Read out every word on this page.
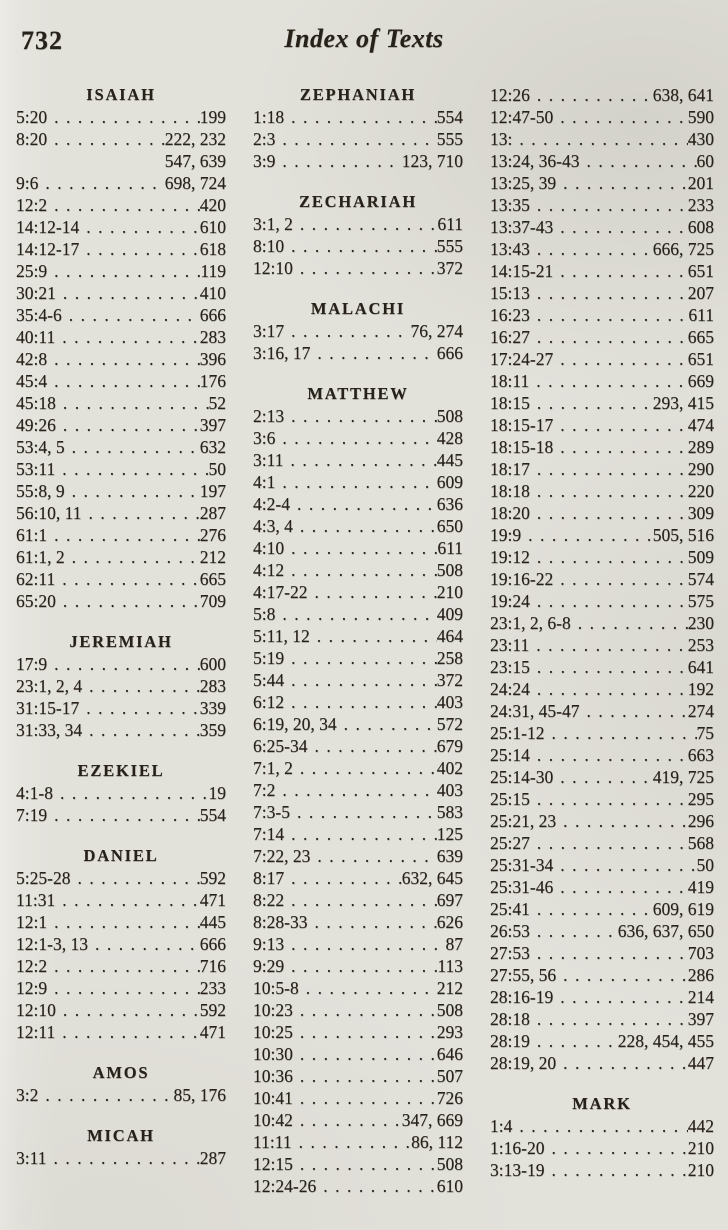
Index of Texts
732
ISAIAH
5:20 .....	199
8:20 .....	222, 232
547, 639
9:6 .....	698, 724
12:2 .....	420
14:12-14 .....	610
14:12-17 .....	618
25:9 .....	119
30:21 .....	410
35:4-6 .....	666
40:11 .....	283
42:8 .....	396
45:4 .....	176
45:18 .....	52
49:26 .....	397
53:4, 5 .....	632
53:11 .....	50
55:8, 9 .....	197
56:10, 11 .....	287
61:1 .....	276
61:1, 2 .....	212
62:11 .....	665
65:20 .....	709
JEREMIAH
17:9 .....	600
23:1, 2, 4 .....	283
31:15-17 .....	339
31:33, 34 .....	359
EZEKIEL
4:1-8 .....	19
7:19 .....	554
DANIEL
5:25-28 .....	592
11:31 .....	471
12:1 .....	445
12:1-3, 13 .....	666
12:2 .....	716
12:9 .....	233
12:10 .....	592
12:11 .....	471
AMOS
3:2 .....	85, 176
MICAH
3:11 .....	287
ZEPHANIAH
1:18 .....	554
2:3 .....	555
3:9 .....	123, 710
ZECHARIAH
3:1, 2 .....	611
8:10 .....	555
12:10 .....	372
MALACHI
3:17 .....	76, 274
3:16, 17 .....	666
MATTHEW
2:13 .....	508
3:6 .....	428
3:11 .....	445
4:1 .....	609
4:2-4 .....	636
4:3, 4 .....	650
4:10 .....	611
4:12 .....	508
4:17-22 .....	210
5:8 .....	409
5:11, 12 .....	464
5:19 .....	258
5:44 .....	372
6:12 .....	403
6:19, 20, 34 .....	572
6:25-34 .....	679
7:1, 2 .....	402
7:2 .....	403
7:3-5 .....	583
7:14 .....	125
7:22, 23 .....	639
8:17 .....	632, 645
8:22 .....	697
8:28-33 .....	626
9:13 .....	87
9:29 .....	113
10:5-8 .....	212
10:23 .....	508
10:25 .....	293
10:30 .....	646
10:36 .....	507
10:41 .....	726
10:42 .....	347, 669
11:11 .....	86, 112
12:15 .....	508
12:24-26 .....	610
12:26 .....	638, 641
12:47-50 .....	590
13: .....	430
13:24, 36-43 .....	60
13:25, 39 .....	201
13:35 .....	233
13:37-43 .....	608
13:43 .....	666, 725
14:15-21 .....	651
15:13 .....	207
16:23 .....	611
16:27 .....	665
17:24-27 .....	651
18:11 .....	669
18:15 .....	293, 415
18:15-17 .....	474
18:15-18 .....	289
18:17 .....	290
18:18 .....	220
18:20 .....	309
19:9 .....	505, 516
19:12 .....	509
19:16-22 .....	574
19:24 .....	575
23:1, 2, 6-8 .....	230
23:11 .....	253
23:15 .....	641
24:24 .....	192
24:31, 45-47 .....	274
25:1-12 .....	75
25:14 .....	663
25:14-30 .....	419, 725
25:15 .....	295
25:21, 23 .....	296
25:27 .....	568
25:31-34 .....	50
25:31-46 .....	419
25:41 .....	609, 619
26:53 .....	636, 637, 650
27:53 .....	703
27:55, 56 .....	286
28:16-19 .....	214
28:18 .....	397
28:19 .....	228, 454, 455
28:19, 20 .....	447
MARK
1:4 .....	442
1:16-20 .....	210
3:13-19 .....	210
